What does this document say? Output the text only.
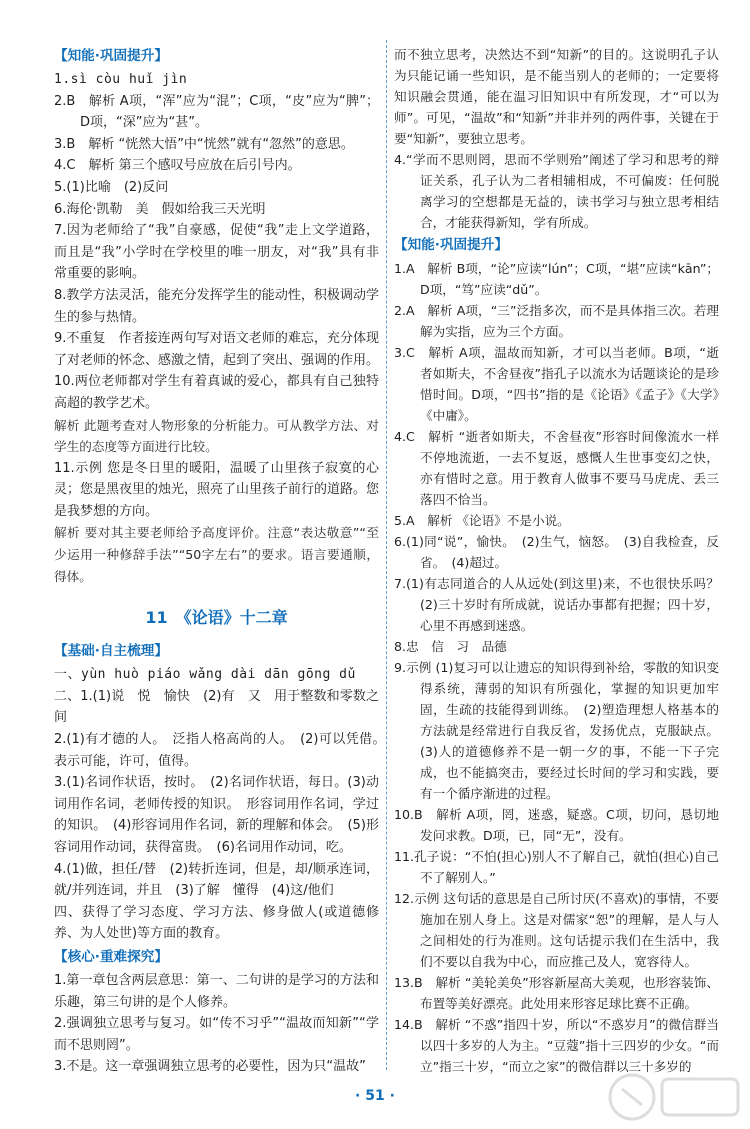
【知能·巩固提升】

1.sì còu huǐ jìn

2.B　解析 A项，“浑”应为“混”；C项，“皮”应为“脾”；D项，“深”应为“甚”。

3.B　解析 “恍然大悟”中“恍然”就有“忽然”的意思。

4.C　解析 第三个感叹号应放在后引号内。

5.(1)比喻　(2)反问

6.海伦·凯勒　美　假如给我三天光明

7.因为老师给了“我”自豪感，促使“我”走上文学道路，而且是“我”小学时在学校里的唯一朋友，对“我”具有非常重要的影响。

8.教学方法灵活，能充分发挥学生的能动性，积极调动学生的参与热情。

9.不重复　作者接连两句写对语文老师的难忘，充分体现了对老师的怀念、感激之情，起到了突出、强调的作用。

10.两位老师都对学生有着真诚的爱心，都具有自己独特高超的教学艺术。

解析 此题考查对人物形象的分析能力。可从教学方法、对学生的态度等方面进行比较。

11.示例 您是冬日里的暖阳，温暖了山里孩子寂寞的心灵；您是黑夜里的烛光，照亮了山里孩子前行的道路。您是我梦想的方向。

解析 要对其主要老师给予高度评价。注意“表达敬意”“至少运用一种修辞手法”“50字左右”的要求。语言要通顺，得体。

11　《论语》十二章
【基础·自主梳理】

一、yùn huò piáo wǎng dài dān gōng dǔ

二、1.(1)说　悦　愉快　(2)有　又　用于整数和零数之间

2.(1)有才德的人。　泛指人格高尚的人。　(2)可以凭借。　表示可能，许可，值得。

3.(1)名词作状语，按时。　(2)名词作状语，每日。(3)动词用作名词，老师传授的知识。　形容词用作名词，学过的知识。　(4)形容词用作名词，新的理解和体会。　(5)形容词用作动词，获得富贵。　(6)名词用作动词，吃。

4.(1)做，担任/替　(2)转折连词，但是，却/顺承连词，就/并列连词，并且　(3)了解　懂得　(4)这/他们

四、获得了学习态度、学习方法、修身做人(或道德修养、为人处世)等方面的教育。

【核心·重难探究】

1.第一章包含两层意思：第一、二句讲的是学习的方法和乐趣，第三句讲的是个人修养。

2.强调独立思考与复习。如“传不习乎”“温故而知新”“学而不思则罔”。

3.不是。这一章强调独立思考的必要性，因为只“温故”

而不独立思考，决然达不到“知新”的目的。这说明孔子认为只能记诵一些知识，是不能当别人的老师的；一定要将知识融会贯通，能在温习旧知识中有所发现，才“可以为师”。可见，“温故”和“知新”并非并列的两件事，关键在于要“知新”，要独立思考。

4.“学而不思则罔，思而不学则殆”阐述了学习和思考的辩证关系，孔子认为二者相辅相成，不可偏废：任何脱离学习的空想都是无益的，读书学习与独立思考相结合，才能获得新知，学有所成。

【知能·巩固提升】

1.A　解析 B项，“论”应读“lún”；C项，“堪”应读“kān”；D项，“笃”应读“dǔ”。

2.A　解析 A项，“三”泛指多次，而不是具体指三次。若理解为实指，应为三个方面。

3.C　解析 A项，温故而知新，才可以当老师。B项，“逝者如斯夫，不舍昼夜”指孔子以流水为话题谈论的是珍惜时间。D项，“四书”指的是《论语》《孟子》《大学》《中庸》。

4.C　解析 “逝者如斯夫，不舍昼夜”形容时间像流水一样不停地流逝，一去不复返，感慨人生世事变幻之快，亦有惜时之意。用于教育人做事不要马马虎虎、丢三落四不恰当。

5.A　解析 《论语》不是小说。

6.(1)同“说”，愉快。　(2)生气，恼怒。　(3)自我检查，反省。　(4)超过。

7.(1)有志同道合的人从远处(到这里)来，不也很快乐吗？(2)三十岁时有所成就，说话办事都有把握；四十岁，心里不再感到迷惑。

8.忠　信　习　品德

9.示例 (1)复习可以让遗忘的知识得到补给，零散的知识变得系统，薄弱的知识有所强化，掌握的知识更加牢固，生疏的技能得到训练。　(2)塑造理想人格基本的方法就是经常进行自我反省，发扬优点，克服缺点。(3)人的道德修养不是一朝一夕的事，不能一下子完成，也不能搞突击，要经过长时间的学习和实践，要有一个循序渐进的过程。

10.B　解析 A项，罔，迷惑，疑惑。C项，切问，恳切地发问求教。D项，已，同“无”，没有。

11.孔子说：“不怕(担心)别人不了解自己，就怕(担心)自己不了解别人。”

12.示例 这句话的意思是自己所讨厌(不喜欢)的事情，不要施加在别人身上。这是对儒家“恕”的理解，是人与人之间相处的行为准则。这句话提示我们在生活中，我们不要以自我为中心，而应推己及人，宽容待人。

13.B　解析 “美轮美奂”形容新屋高大美观，也形容装饰、布置等美好漂亮。此处用来形容足球比赛不正确。

14.B　解析 “不惑”指四十岁，所以“不惑岁月”的微信群当以四十多岁的人为主。“豆蔻”指十三四岁的少女。“而立”指三十岁，“而立之家”的微信群以三十多岁的

· 51 ·
